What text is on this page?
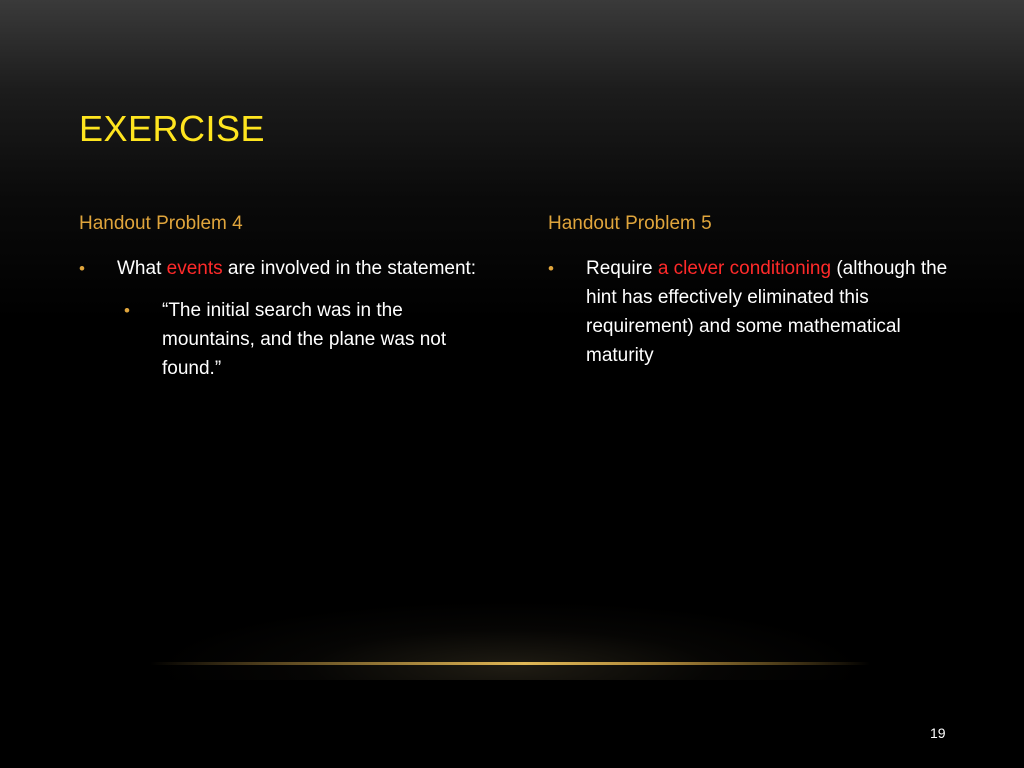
EXERCISE
Handout Problem 4
• What events are involved in the statement:
• “The initial search was in the mountains, and the plane was not found.”
Handout Problem 5
• Require a clever conditioning (although the hint has effectively eliminated this requirement) and some mathematical maturity
19
